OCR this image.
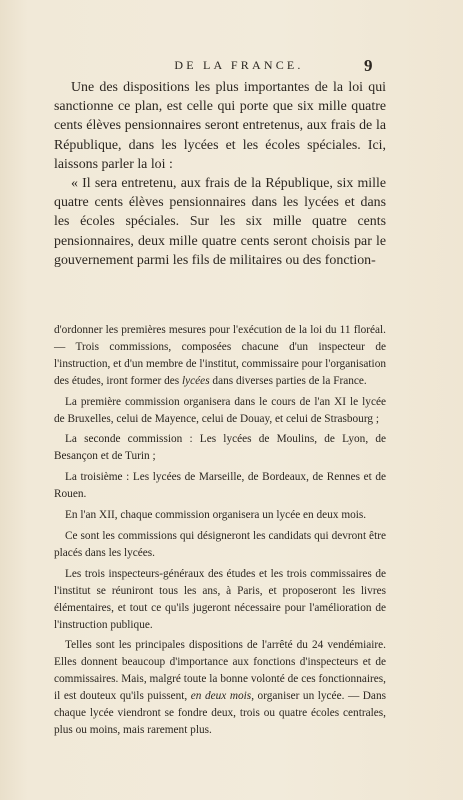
DE LA FRANCE.	9

Une des dispositions les plus importantes de la loi qui sanctionne ce plan, est celle qui porte que six mille quatre cents élèves pensionnaires seront entretenus, aux frais de la République, dans les lycées et les écoles spéciales. Ici, laissons parler la loi :

« Il sera entretenu, aux frais de la République, six mille quatre cents élèves pensionnaires dans les lycées et dans les écoles spéciales. Sur les six mille quatre cents pensionnaires, deux mille quatre cents seront choisis par le gouvernement parmi les fils de militaires ou des fonction-

d'ordonner les premières mesures pour l'exécution de la loi du 11 floréal. — Trois commissions, composées chacune d'un inspecteur de l'instruction, et d'un membre de l'institut, commissaire pour l'organisation des études, iront former des lycées dans diverses parties de la France.

La première commission organisera dans le cours de l'an XI le lycée de Bruxelles, celui de Mayence, celui de Douay, et celui de Strasbourg ;

La seconde commission : Les lycées de Moulins, de Lyon, de Besançon et de Turin ;

La troisième : Les lycées de Marseille, de Bordeaux, de Rennes et de Rouen.

En l'an XII, chaque commission organisera un lycée en deux mois.

Ce sont les commissions qui désigneront les candidats qui devront être placés dans les lycées.

Les trois inspecteurs-généraux des études et les trois commissaires de l'institut se réuniront tous les ans, à Paris, et proposeront les livres élémentaires, et tout ce qu'ils jugeront nécessaire pour l'amélioration de l'instruction publique.

Telles sont les principales dispositions de l'arrêté du 24 vendémiaire. Elles donnent beaucoup d'importance aux fonctions d'inspecteurs et de commissaires. Mais, malgré toute la bonne volonté de ces fonctionnaires, il est douteux qu'ils puissent, en deux mois, organiser un lycée. — Dans chaque lycée viendront se fondre deux, trois ou quatre écoles centrales, plus ou moins, mais rarement plus.
